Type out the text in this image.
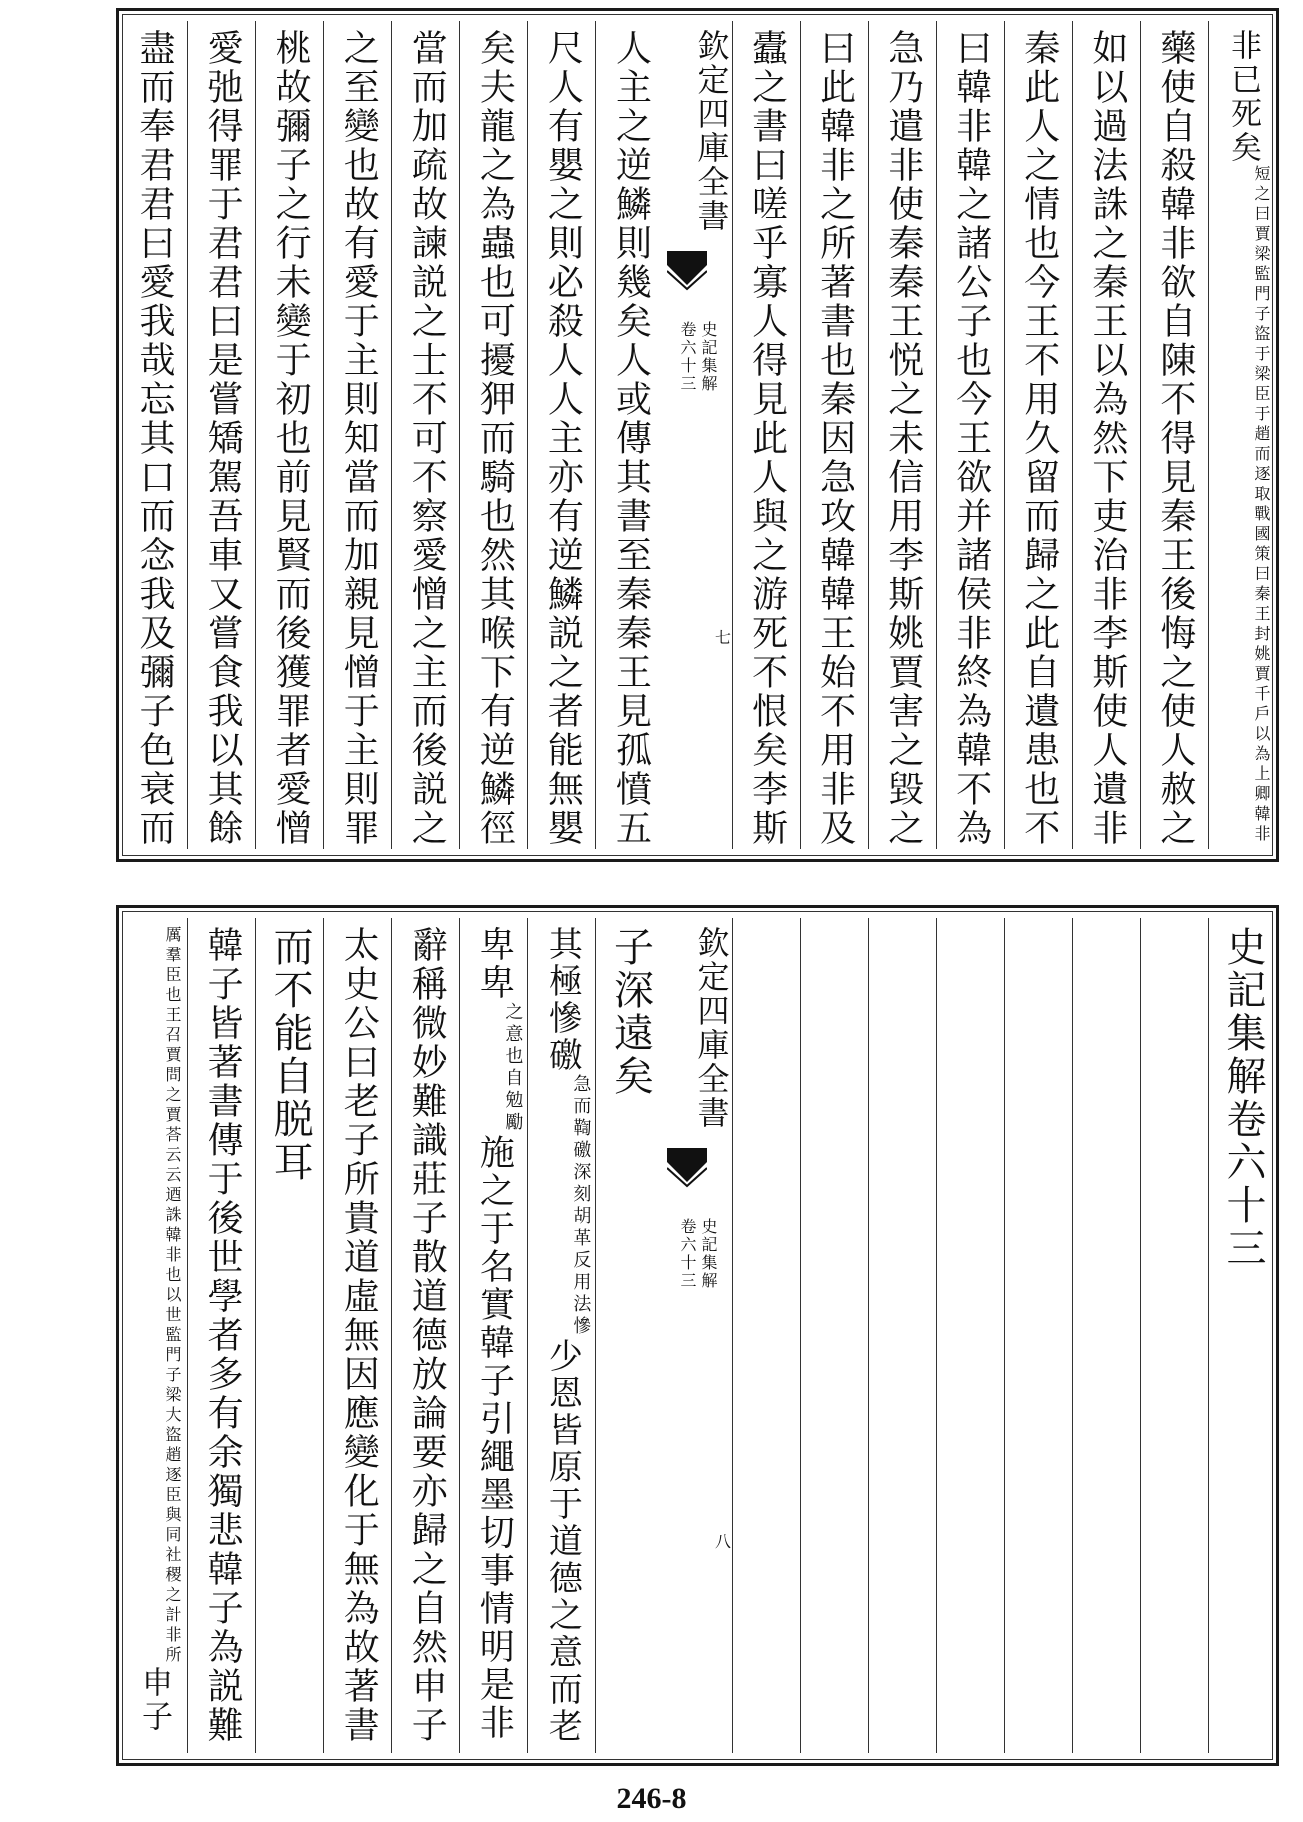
盡而奉君君曰愛我哉忘其口而念我及彌子色衰而 愛弛得罪于君君曰是嘗矯駕吾車又嘗食我以其餘 桃故彌子之行未變于初也前見賢而後獲罪者愛憎 之至變也故有愛于主則知當而加親見憎于主則罪 當而加疏故諫説之士不可不察愛憎之主而後説之 矣夫龍之為蟲也可擾狎而騎也然其喉下有逆鱗徑 尺人有嬰之則必殺人人主亦有逆鱗説之者能無嬰 人主之逆鱗則幾矣人或傳其書至秦秦王見孤憤五	欽定四庫全書
史記集解
卷六十三
七 蠹之書曰嗟乎寡人得見此人與之游死不恨矣李斯 曰此韓非之所著書也秦因急攻韓韓王始不用非及 急乃遣非使秦秦王悦之未信用李斯姚賈害之毀之 曰韓非韓之諸公子也今王欲并諸侯非終為韓不為 秦此人之情也今王不用久留而歸之此自遺患也不 如以過法誅之秦王以為然下吏治非李斯使人遺非 藥使自殺韓非欲自陳不得見秦王後悔之使人赦之 非已死矣
戰國策曰秦王封姚賈千戶以為上卿韓非
短之曰賈梁監門子盜于梁臣于趙而逐取
世監門子梁大盜趙逐臣與同社稷之計非所
以
厲羣臣也王召賈問之賈荅云云迺誅韓非也
申子 韓子皆著書傳于後世學者多有余獨悲韓子為説難 而不能自脱耳 太史公曰老子所貴道虛無因應變化于無為故著書 辭稱微妙難識莊子散道德放論要亦歸之自然申子 卑卑
自勉勵
之意也
施之于名實韓子引繩墨切事情明是非
其極慘礉
胡革反用法慘
急而鞫礉深刻
少恩皆原于道德之意而老
子深遠矣	欽定四庫全書
史記集解
卷六十三
八
史記集解卷六十三
246-8
